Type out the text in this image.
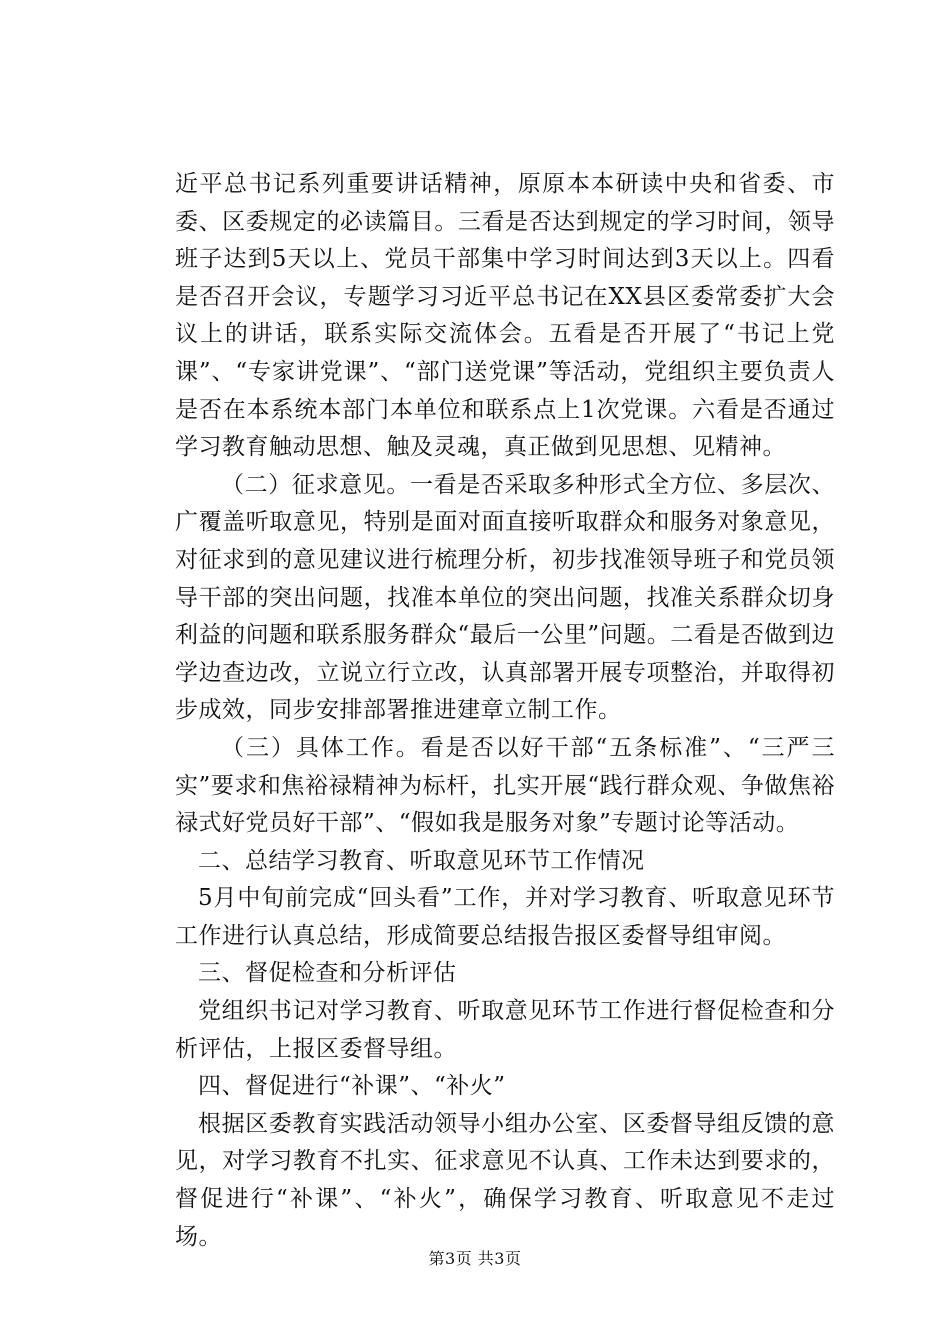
近平总书记系列重要讲话精神，原原本本研读中央和省委、市委、区委规定的必读篇目。三看是否达到规定的学习时间，领导班子达到5天以上、党员干部集中学习时间达到3天以上。四看是否召开会议，专题学习习近平总书记在XX县区委常委扩大会议上的讲话，联系实际交流体会。五看是否开展了“书记上党课”、“专家讲党课”、“部门送党课”等活动，党组织主要负责人是否在本系统本部门本单位和联系点上1次党课。六看是否通过学习教育触动思想、触及灵魂，真正做到见思想、见精神。

（二）征求意见。一看是否采取多种形式全方位、多层次、广覆盖听取意见，特别是面对面直接听取群众和服务对象意见，对征求到的意见建议进行梳理分析，初步找准领导班子和党员领导干部的突出问题，找准本单位的突出问题，找准关系群众切身利益的问题和联系服务群众“最后一公里”问题。二看是否做到边学边查边改，立说立行立改，认真部署开展专项整治，并取得初步成效，同步安排部署推进建章立制工作。

（三）具体工作。看是否以好干部“五条标准”、“三严三实”要求和焦裕禄精神为标杆，扎实开展“践行群众观、争做焦裕禄式好党员好干部”、“假如我是服务对象”专题讨论等活动。

二、总结学习教育、听取意见环节工作情况

5月中旬前完成“回头看”工作，并对学习教育、听取意见环节工作进行认真总结，形成简要总结报告报区委督导组审阅。

三、督促检查和分析评估

党组织书记对学习教育、听取意见环节工作进行督促检查和分析评估，上报区委督导组。

四、督促进行“补课”、“补火”

根据区委教育实践活动领导小组办公室、区委督导组反馈的意见，对学习教育不扎实、征求意见不认真、工作未达到要求的，督促进行“补课”、“补火”，确保学习教育、听取意见不走过场。

第3页 共3页
